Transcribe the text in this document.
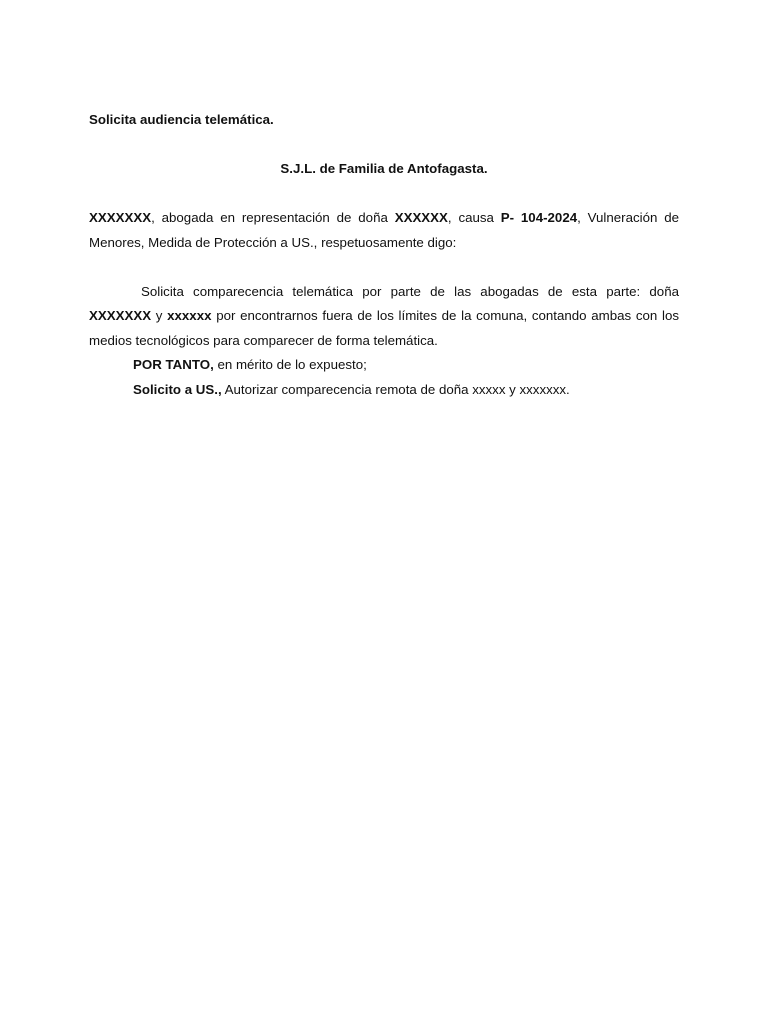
Solicita audiencia telemática.

S.J.L. de Familia de Antofagasta.

XXXXXXX, abogada en representación de doña XXXXXX, causa P- 104-2024, Vulneración de Menores, Medida de Protección a US., respetuosamente digo:

Solicita comparecencia telemática por parte de las abogadas de esta parte: doña XXXXXXX y xxxxxx por encontrarnos fuera de los límites de la comuna, contando ambas con los medios tecnológicos para comparecer de forma telemática.

POR TANTO, en mérito de lo expuesto;

Solicito a US., Autorizar comparecencia remota de doña xxxxx y xxxxxxx.
